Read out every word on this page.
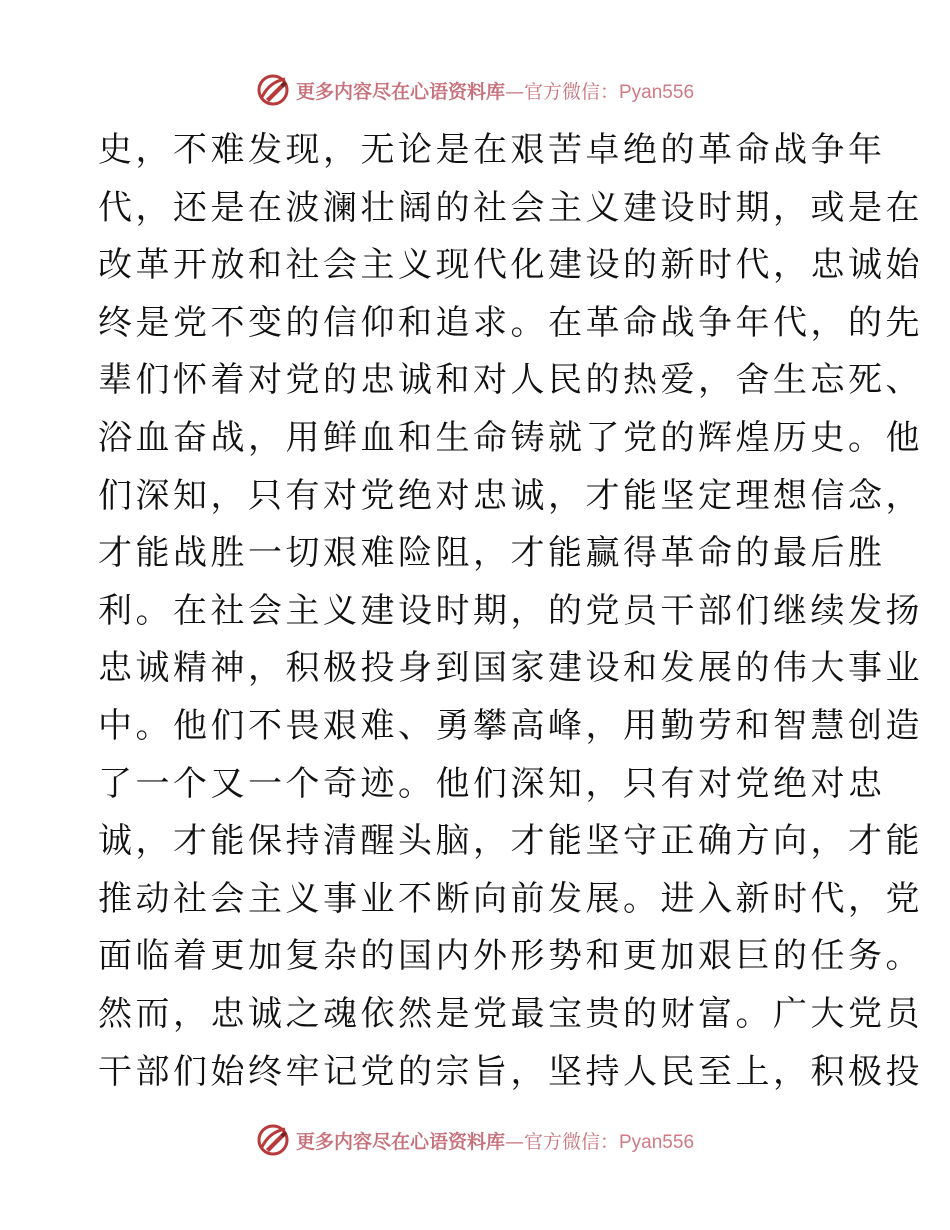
更多内容尽在心语资料库—官方微信：Pyan556
史，不难发现，无论是在艰苦卓绝的革命战争年
代，还是在波澜壮阔的社会主义建设时期，或是在
改革开放和社会主义现代化建设的新时代，忠诚始
终是党不变的信仰和追求。在革命战争年代，的先
辈们怀着对党的忠诚和对人民的热爱，舍生忘死、
浴血奋战，用鲜血和生命铸就了党的辉煌历史。他
们深知，只有对党绝对忠诚，才能坚定理想信念，
才能战胜一切艰难险阻，才能赢得革命的最后胜
利。在社会主义建设时期，的党员干部们继续发扬
忠诚精神，积极投身到国家建设和发展的伟大事业
中。他们不畏艰难、勇攀高峰，用勤劳和智慧创造
了一个又一个奇迹。他们深知，只有对党绝对忠
诚，才能保持清醒头脑，才能坚守正确方向，才能
推动社会主义事业不断向前发展。进入新时代，党
面临着更加复杂的国内外形势和更加艰巨的任务。
然而，忠诚之魂依然是党最宝贵的财富。广大党员
干部们始终牢记党的宗旨，坚持人民至上，积极投
更多内容尽在心语资料库—官方微信：Pyan556
